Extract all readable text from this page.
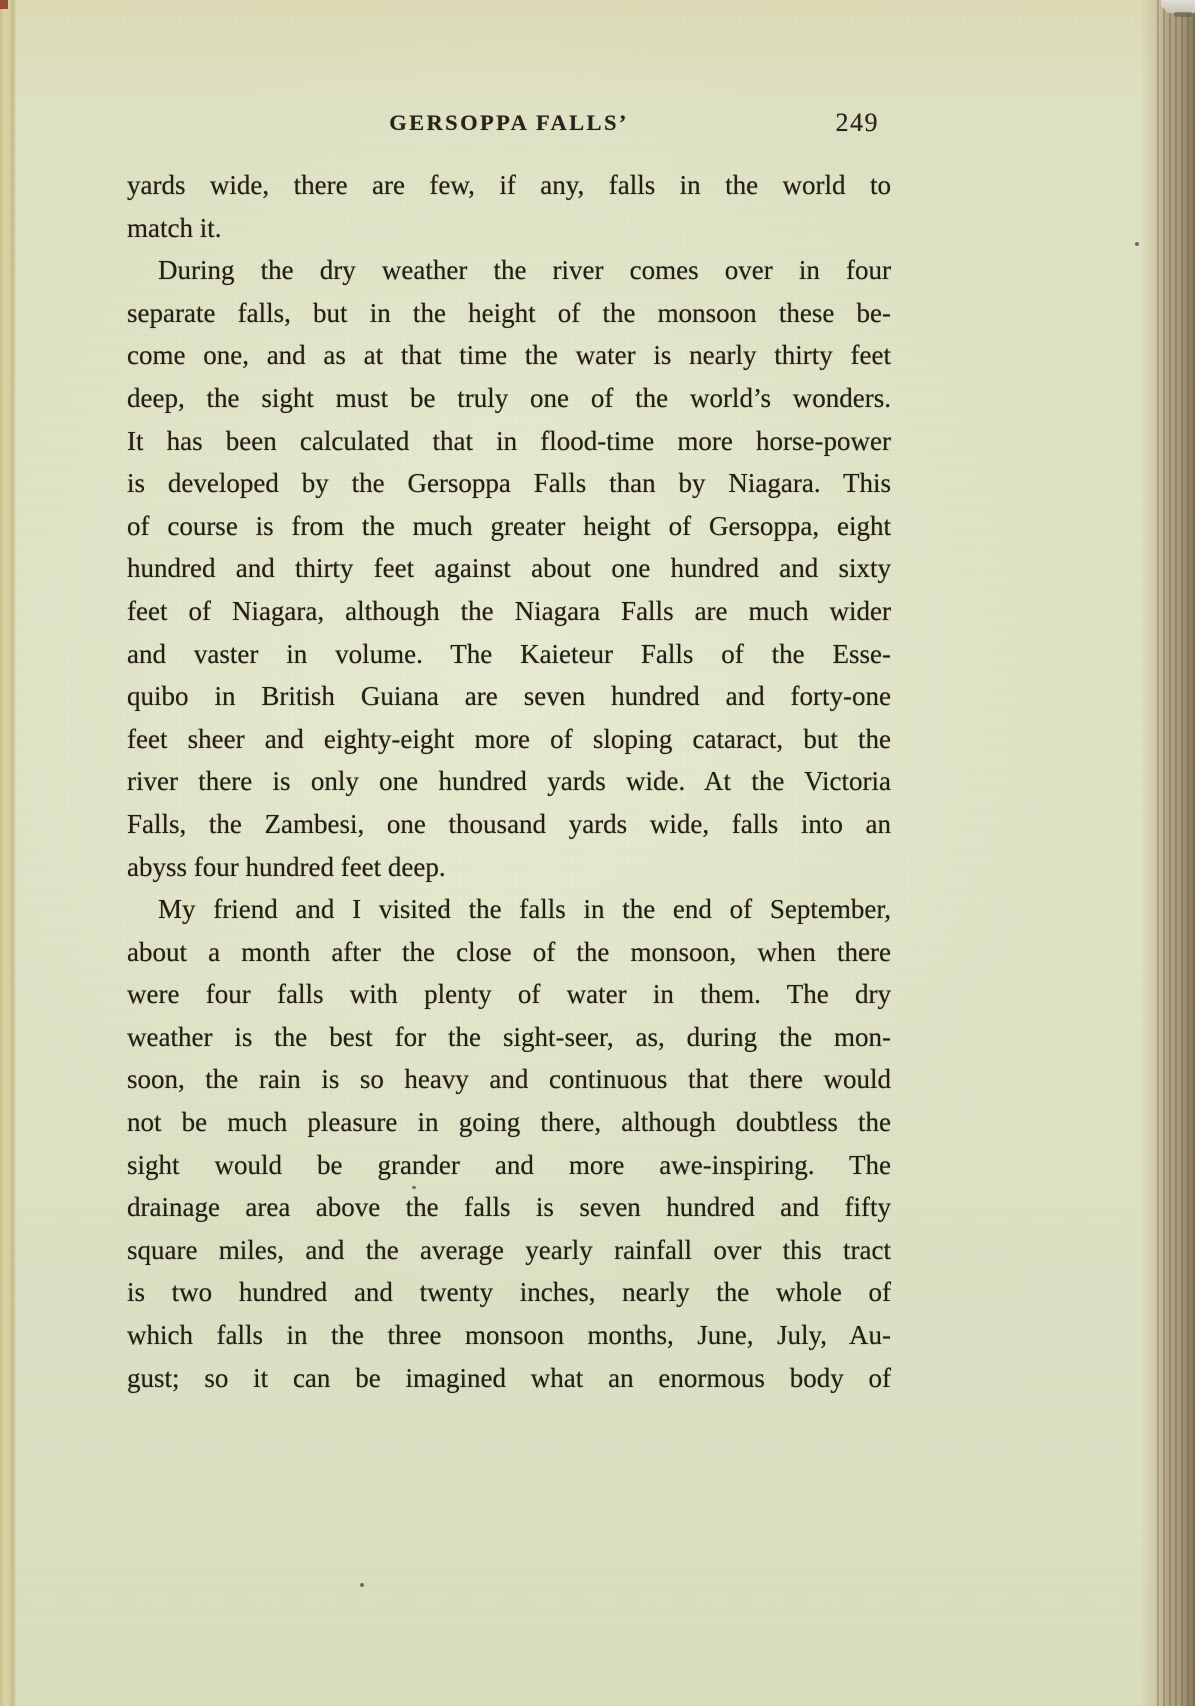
GERSOPPA FALLS’	249
yards wide, there are few, if any, falls in the world to
match it.
During the dry weather the river comes over in four
separate falls, but in the height of the monsoon these be-
come one, and as at that time the water is nearly thirty feet
deep, the sight must be truly one of the world’s wonders.
It has been calculated that in flood-time more horse-power
is developed by the Gersoppa Falls than by Niagara. This
of course is from the much greater height of Gersoppa, eight
hundred and thirty feet against about one hundred and sixty
feet of Niagara, although the Niagara Falls are much wider
and vaster in volume. The Kaieteur Falls of the Esse-
quibo in British Guiana are seven hundred and forty-one
feet sheer and eighty-eight more of sloping cataract, but the
river there is only one hundred yards wide. At the Victoria
Falls, the Zambesi, one thousand yards wide, falls into an
abyss four hundred feet deep.
My friend and I visited the falls in the end of September,
about a month after the close of the monsoon, when there
were four falls with plenty of water in them. The dry
weather is the best for the sight-seer, as, during the mon-
soon, the rain is so heavy and continuous that there would
not be much pleasure in going there, although doubtless the
sight would be grander and more awe-inspiring. The
drainage area above the falls is seven hundred and fifty
square miles, and the average yearly rainfall over this tract
is two hundred and twenty inches, nearly the whole of
which falls in the three monsoon months, June, July, Au-
gust; so it can be imagined what an enormous body of
